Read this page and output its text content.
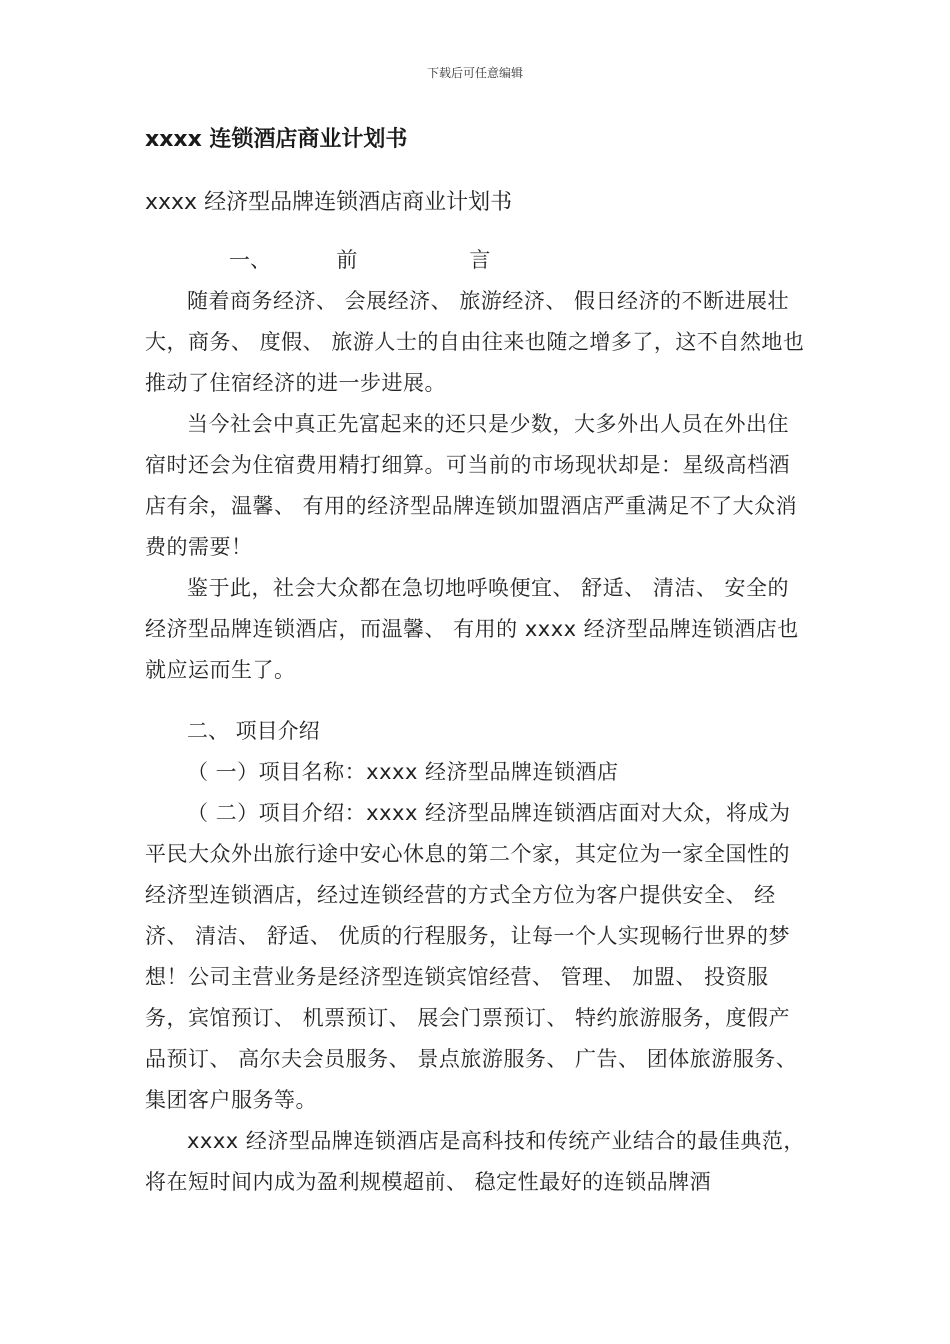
下载后可任意编辑
xxxx 连锁酒店商业计划书
xxxx 经济型品牌连锁酒店商业计划书
一、	前	言

随着商务经济、 会展经济、 旅游经济、 假日经济的不断进展壮大，商务、 度假、 旅游人士的自由往来也随之增多了，这不自然地也推动了住宿经济的进一步进展。

当今社会中真正先富起来的还只是少数，大多外出人员在外出住宿时还会为住宿费用精打细算。可当前的市场现状却是：星级高档酒店有余，温馨、 有用的经济型品牌连锁加盟酒店严重满足不了大众消费的需要！

鉴于此，社会大众都在急切地呼唤便宜、 舒适、 清洁、 安全的经济型品牌连锁酒店，而温馨、 有用的 xxxx 经济型品牌连锁酒店也就应运而生了。

二、 项目介绍

（ 一）项目名称：xxxx 经济型品牌连锁酒店

（ 二）项目介绍：xxxx 经济型品牌连锁酒店面对大众，将成为平民大众外出旅行途中安心休息的第二个家，其定位为一家全国性的经济型连锁酒店，经过连锁经营的方式全方位为客户提供安全、 经济、 清洁、 舒适、 优质的行程服务，让每一个人实现畅行世界的梦想！公司主营业务是经济型连锁宾馆经营、 管理、 加盟、 投资服务，宾馆预订、 机票预订、 展会门票预订、 特约旅游服务，度假产品预订、 高尔夫会员服务、 景点旅游服务、 广告、 团体旅游服务、 集团客户服务等。

xxxx 经济型品牌连锁酒店是高科技和传统产业结合的最佳典范，将在短时间内成为盈利规模超前、 稳定性最好的连锁品牌酒
